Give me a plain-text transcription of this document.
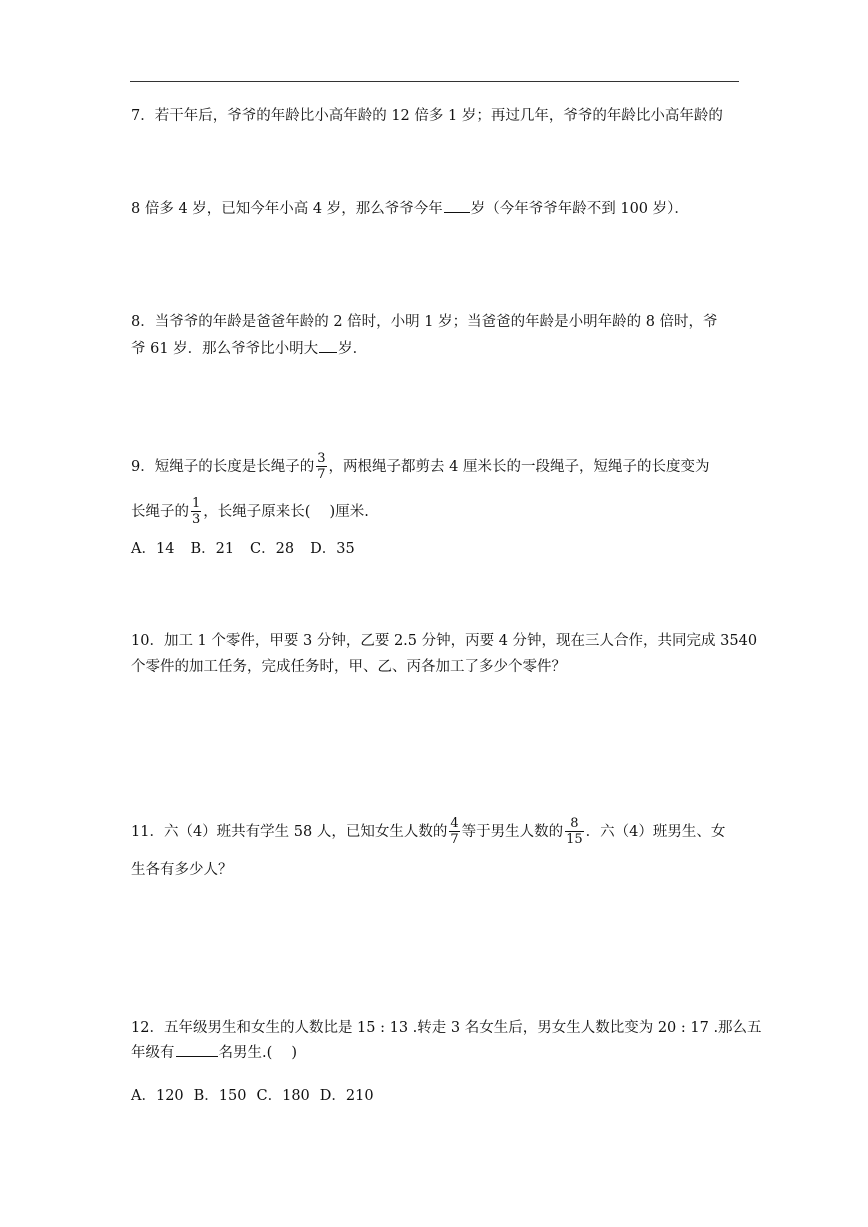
7．若干年后，爷爷的年龄比小高年龄的 12 倍多 1 岁；再过几年，爷爷的年龄比小高年龄的
8 倍多 4 岁，已知今年小高 4 岁，那么爷爷今年 岁（今年爷爷年龄不到 100 岁）．
8．当爷爷的年龄是爸爸年龄的 2 倍时，小明 1 岁；当爸爸的年龄是小明年龄的 8 倍时，爷
爷 61 岁．那么爷爷比小明大 岁．
9．短绳子的长度是长绳子的 $\frac{3}{7}$ ，两根绳子都剪去 4 厘米长的一段绳子，短绳子的长度变为
长绳子的 $\frac{1}{3}$ ，长绳子原来长(　 )厘米.
A．14 B．21 C．28 D．35
10．加工 1 个零件，甲要 3 分钟，乙要 2.5 分钟，丙要 4 分钟，现在三人合作，共同完成 3540
个零件的加工任务，完成任务时，甲、乙、丙各加工了多少个零件？
11．六（4）班共有学生 58 人，已知女生人数的 $\frac{4}{7}$ 等于男生人数的 $\frac{8}{15}$ ．六（4）班男生、女
生各有多少人？
12．五年级男生和女生的人数比是 15 : 13 .转走 3 名女生后，男女生人数比变为 20 : 17 .那么五
年级有	名男生.(　 )
A．120 B．150 C．180 D．210
